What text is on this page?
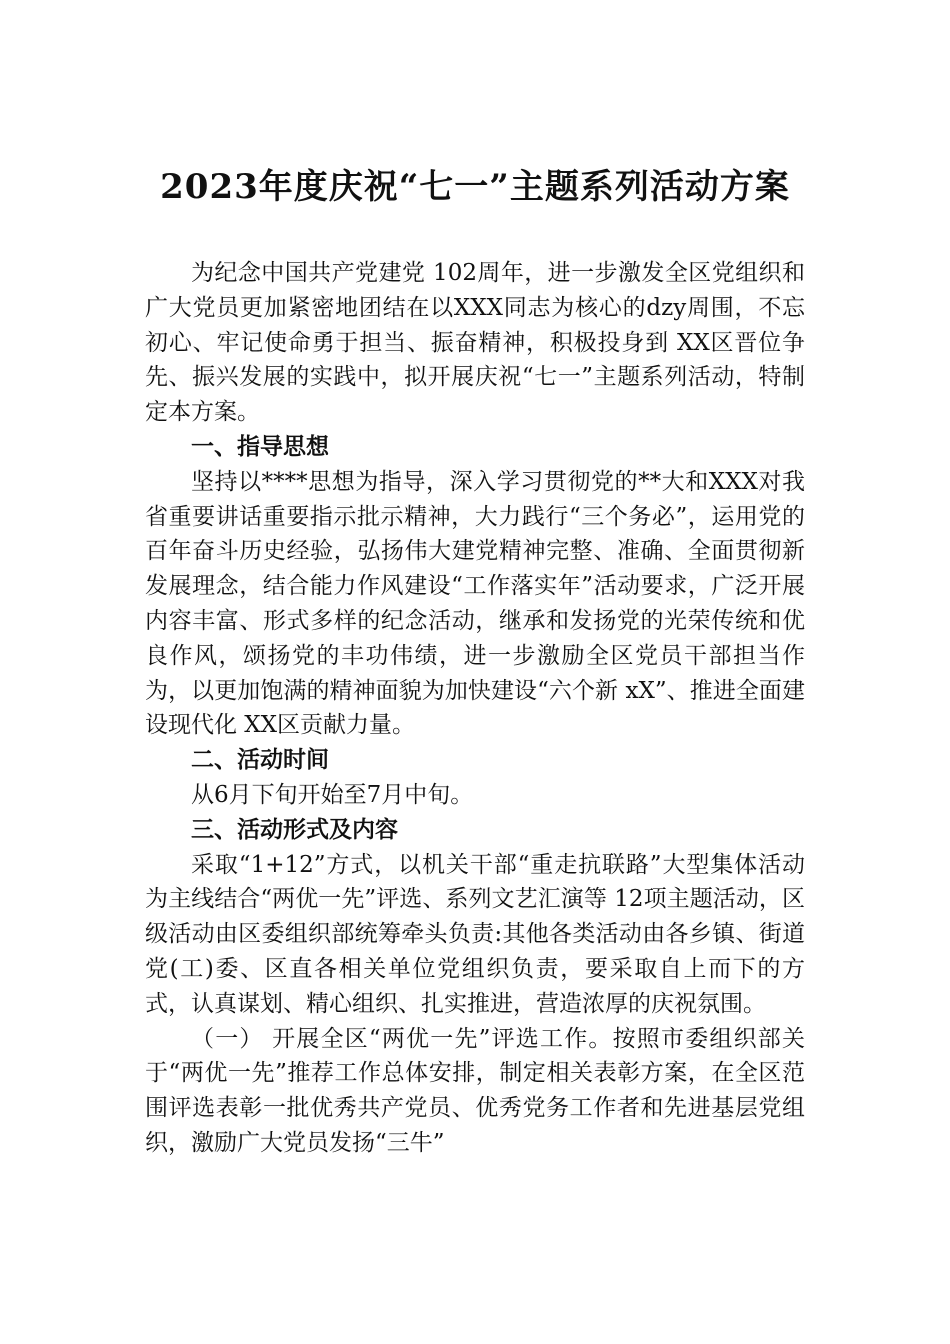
2023年度庆祝“七一”主题系列活动方案

为纪念中国共产党建党 102周年，进一步激发全区党组织和广大党员更加紧密地团结在以XXX同志为核心的dzy周围，不忘初心、牢记使命勇于担当、振奋精神，积极投身到 XX区晋位争先、振兴发展的实践中，拟开展庆祝“七一”主题系列活动，特制定本方案。

一、指导思想

坚持以****思想为指导，深入学习贯彻党的**大和XXX对我省重要讲话重要指示批示精神，大力践行“三个务必”，运用党的百年奋斗历史经验，弘扬伟大建党精神完整、准确、全面贯彻新发展理念，结合能力作风建设“工作落实年”活动要求，广泛开展内容丰富、形式多样的纪念活动，继承和发扬党的光荣传统和优良作风，颂扬党的丰功伟绩，进一步激励全区党员干部担当作为，以更加饱满的精神面貌为加快建设“六个新 xX”、推进全面建设现代化 XX区贡献力量。

二、活动时间

从6月下旬开始至7月中旬。

三、活动形式及内容

采取“1+12”方式，以机关干部“重走抗联路”大型集体活动为主线结合“两优一先”评选、系列文艺汇演等 12项主题活动，区级活动由区委组织部统筹牵头负责:其他各类活动由各乡镇、街道党(工)委、区直各相关单位党组织负责，要采取自上而下的方式，认真谋划、精心组织、扎实推进，营造浓厚的庆祝氛围。

（一） 开展全区“两优一先”评选工作。按照市委组织部关于“两优一先”推荐工作总体安排，制定相关表彰方案，在全区范围评选表彰一批优秀共产党员、优秀党务工作者和先进基层党组织，激励广大党员发扬“三牛”
